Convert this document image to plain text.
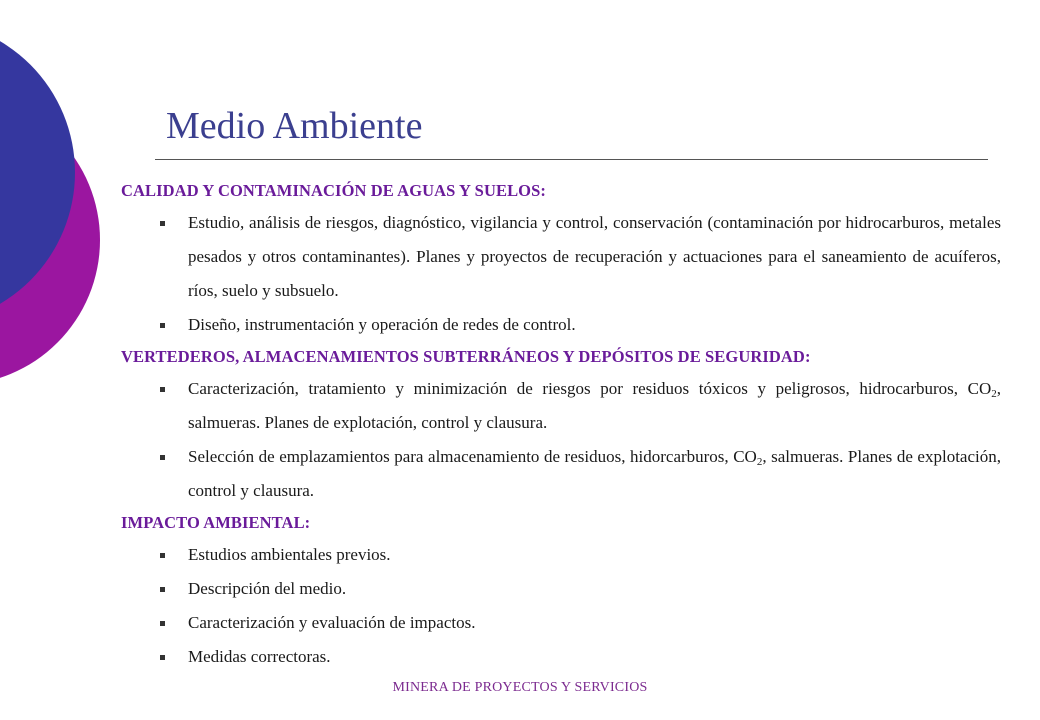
Medio Ambiente

CALIDAD Y CONTAMINACIÓN DE AGUAS Y SUELOS:

Estudio, análisis de riesgos, diagnóstico, vigilancia y control, conservación (contaminación por hidrocarburos, metales pesados y otros contaminantes). Planes y proyectos de recuperación y actuaciones para el saneamiento de acuíferos, ríos, suelo y subsuelo.
Diseño, instrumentación y operación de redes de control.

VERTEDEROS, ALMACENAMIENTOS SUBTERRÁNEOS Y DEPÓSITOS DE SEGURIDAD:

Caracterización, tratamiento y minimización de riesgos por residuos tóxicos y peligrosos, hidrocarburos, $CO_2$, salmueras. Planes de explotación, control y clausura.
Selección de emplazamientos para almacenamiento de residuos, hidorcarburos, $CO_2$, salmueras. Planes de explotación, control y clausura.

IMPACTO AMBIENTAL:

Estudios ambientales previos.
Descripción del medio.
Caracterización y evaluación de impactos.
Medidas correctoras.
MINERA DE PROYECTOS Y SERVICIOS
